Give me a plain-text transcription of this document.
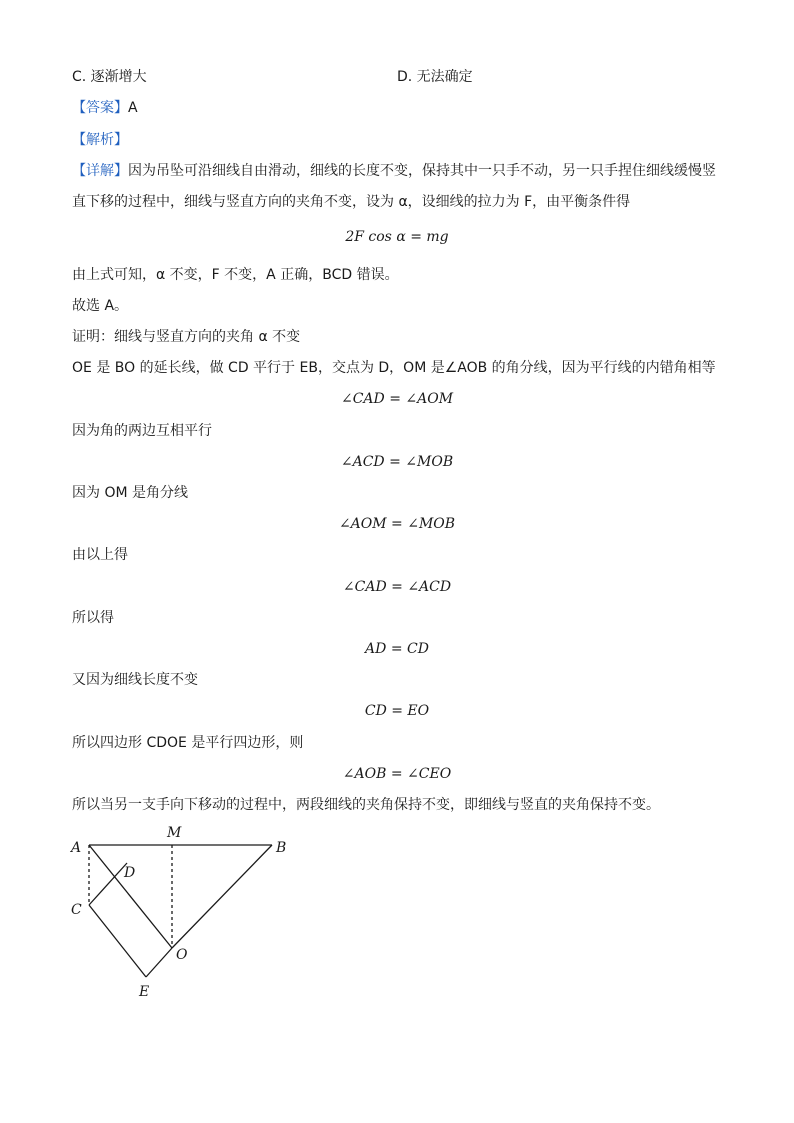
C. 逐渐增大	D. 无法确定
【答案】A
【解析】
【详解】因为吊坠可沿细线自由滑动，细线的长度不变，保持其中一只手不动，另一只手捏住细线缓慢竖
直下移的过程中，细线与竖直方向的夹角不变，设为 α，设细线的拉力为 F，由平衡条件得
2F cos α = mg
由上式可知，α 不变，F 不变，A 正确，BCD 错误。
故选 A。
证明：细线与竖直方向的夹角 α 不变
OE 是 BO 的延长线，做 CD 平行于 EB，交点为 D，OM 是∠AOB 的角分线，因为平行线的内错角相等
∠CAD = ∠AOM
因为角的两边互相平行
∠ACD = ∠MOB
因为 OM 是角分线
∠AOM = ∠MOB
由以上得
∠CAD = ∠ACD
所以得
AD = CD
又因为细线长度不变
CD = EO
所以四边形 CDOE 是平行四边形，则
∠AOB = ∠CEO
所以当另一支手向下移动的过程中，两段细线的夹角保持不变，即细线与竖直的夹角保持不变。
A
M
B
D
C
O
E
